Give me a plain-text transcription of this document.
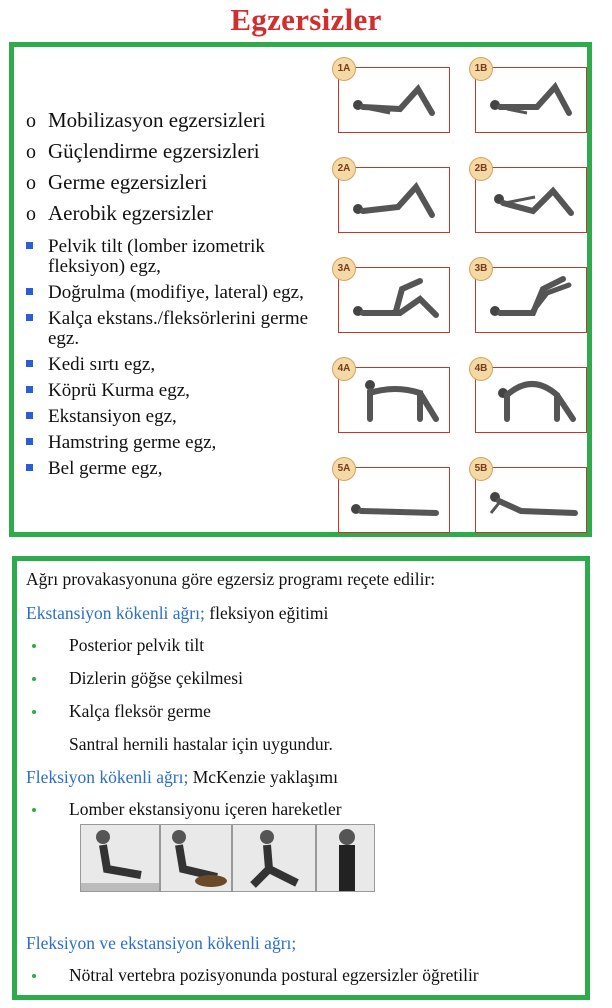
Egzersizler
o Mobilizasyon egzersizleri
o Güçlendirme egzersizleri
o Germe egzersizleri
o Aerobik egzersizler
Pelvik tilt (lomber izometrik fleksiyon) egz,
Doğrulma (modifiye, lateral) egz,
Kalça ekstans./fleksörlerini germe egz.
Kedi sırtı egz,
Köprü Kurma egz,
Ekstansiyon egz,
Hamstring germe egz,
Bel germe egz,
1A	1B
2A	2B
3A	3B
4A	4B
5A	5B
Ağrı provakasyonuna göre egzersiz programı reçete edilir:
Ekstansiyon kökenli ağrı; fleksiyon eğitimi
Posterior pelvik tilt
Dizlerin göğse çekilmesi
Kalça fleksör germe
Santral hernili hastalar için uygundur.
Fleksiyon kökenli ağrı; McKenzie yaklaşımı
Lomber ekstansiyonu içeren hareketler
Fleksiyon ve ekstansiyon kökenli ağrı;
Nötral vertebra pozisyonunda postural egzersizler öğretilir
